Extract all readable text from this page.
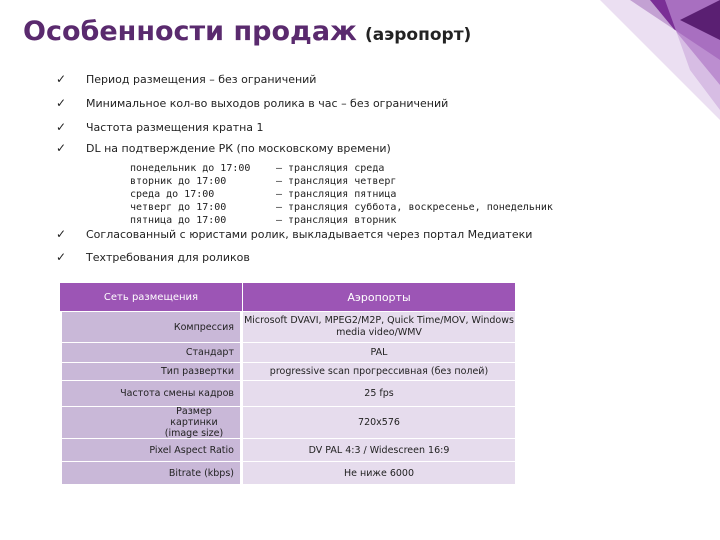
Особенности продаж (аэропорт)
✓ Период размещения – без ограничений
✓ Минимальное кол-во выходов ролика в час – без ограничений
✓ Частота размещения кратна 1
✓ DL на подтверждение РК (по московскому времени)
✓ Согласованный с юристами ролик, выкладывается через портал Медиатеки
✓ Техтребования для роликов
понедельник до 17:00	– трансляция среда
вторник до 17:00	– трансляция четверг
среда до 17:00	– трансляция пятница
четверг до 17:00	– трансляция суббота, воскресенье, понедельник
пятница до 17:00	– трансляция вторник
Сеть размещения	Аэропорты

Компрессия	Microsoft DVAVI, MPEG2/M2P, Quick Time/MOV, Windows media video/WMV

Стандарт	PAL

Тип развертки	progressive scan прогрессивная (без полей)

Частота смены кадров	25 fps

Размер картинки (image size)	720x576

Pixel Aspect Ratio	DV PAL 4:3 / Widescreen 16:9

Bitrate (kbps)	Не ниже 6000
